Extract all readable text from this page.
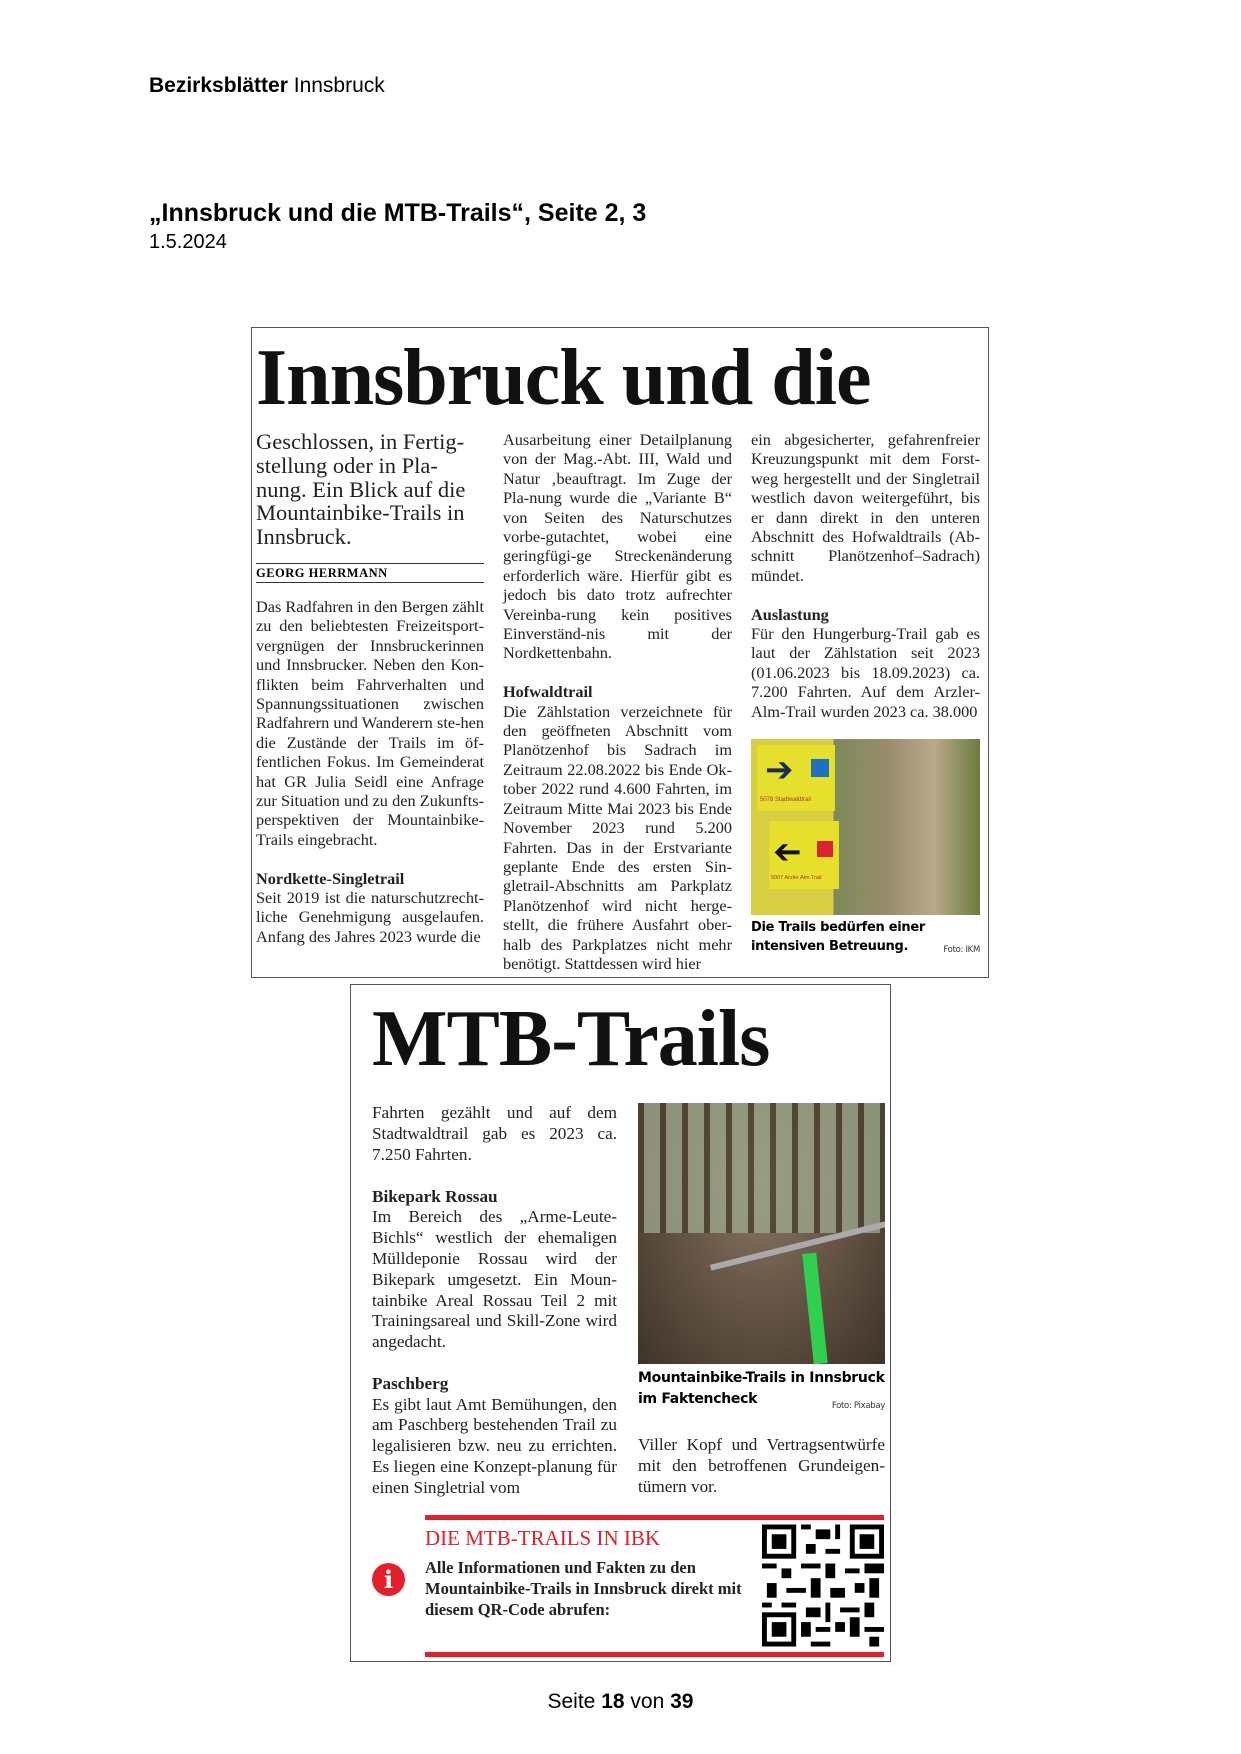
Bezirksblätter Innsbruck
„Innsbruck und die MTB-Trails“, Seite 2, 3
1.5.2024
Innsbruck und die
Geschlossen, in Fertig-stellung oder in Pla-nung. Ein Blick auf die Mountainbike-Trails in Innsbruck.
GEORG HERRMANN

Das Radfahren in den Bergen zählt zu den beliebtesten Freizeitsport-vergnügen der Innsbruckerinnen und Innsbrucker. Neben den Kon-flikten beim Fahrverhalten und Spannungssituationen zwischen Radfahrern und Wanderern ste-hen die Zustände der Trails im öf-fentlichen Fokus. Im Gemeinderat hat GR Julia Seidl eine Anfrage zur Situation und zu den Zukunfts-perspektiven der Mountainbike-Trails eingebracht.

Nordkette-Singletrail

Seit 2019 ist die naturschutzrecht-liche Genehmigung ausgelaufen. Anfang des Jahres 2023 wurde die

Ausarbeitung einer Detailplanung von der Mag.-Abt. III, Wald und Natur ‚beauftragt. Im Zuge der Pla-nung wurde die „Variante B“ von Seiten des Naturschutzes vorbe-gutachtet, wobei eine geringfügi-ge Streckenänderung erforderlich wäre. Hierfür gibt es jedoch bis dato trotz aufrechter Vereinba-rung kein positives Einverständ-nis mit der Nordkettenbahn.

Hofwaldtrail

Die Zählstation verzeichnete für den geöffneten Abschnitt vom Planötzenhof bis Sadrach im Zeitraum 22.08.2022 bis Ende Ok-tober 2022 rund 4.600 Fahrten, im Zeitraum Mitte Mai 2023 bis Ende November 2023 rund 5.200 Fahrten. Das in der Erstvariante geplante Ende des ersten Sin-gletrail-Abschnitts am Parkplatz Planötzenhof wird nicht herge-stellt, die frühere Ausfahrt ober-halb des Parkplatzes nicht mehr benötigt. Stattdessen wird hier

ein abgesicherter, gefahrenfreier Kreuzungspunkt mit dem Forst-weg hergestellt und der Singletrail westlich davon weitergeführt, bis er dann direkt in den unteren Abschnitt des Hofwaldtrails (Ab-schnitt Planötzenhof–Sadrach) mündet.

Auslastung

Für den Hungerburg-Trail gab es laut der Zählstation seit 2023 (01.06.2023 bis 18.09.2023) ca. 7.200 Fahrten. Auf dem Arzler-Alm-Trail wurden 2023 ca. 38.000

➔
5078 Stadtwaldtrail
➔
5007 Arzler Alm Trail
Die Trails bedürfen einer intensiven Betreuung.	Foto: IKM
MTB-Trails

Fahrten gezählt und auf dem Stadtwaldtrail gab es 2023 ca. 7.250 Fahrten.

Bikepark Rossau

Im Bereich des „Arme-Leute-Bichls“ westlich der ehemaligen Mülldeponie Rossau wird der Bikepark umgesetzt. Ein Moun-tainbike Areal Rossau Teil 2 mit Trainingsareal und Skill-Zone wird angedacht.

Paschberg

Es gibt laut Amt Bemühungen, den am Paschberg bestehenden Trail zu legalisieren bzw. neu zu errichten. Es liegen eine Konzept-planung für einen Singletrial vom

Mountainbike-Trails in Innsbruck im Faktencheck	Foto: Pixabay

Viller Kopf und Vertragsentwürfe mit den betroffenen Grundeigen-tümern vor.

i
DIE MTB-TRAILS IN IBK
Alle Informationen und Fakten zu den Mountainbike-Trails in Innsbruck direkt mit diesem QR-Code abrufen:
Seite 18 von 39
